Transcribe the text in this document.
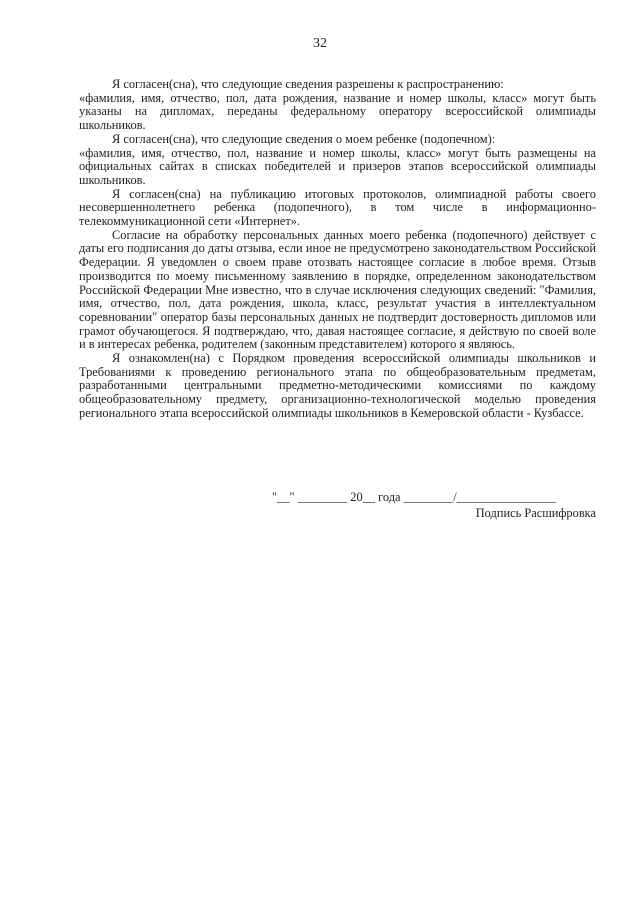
32

Я согласен(сна), что следующие сведения разрешены к распространению:

«фамилия, имя, отчество, пол, дата рождения, название и номер школы, класс» могут быть указаны на дипломах, переданы федеральному оператору всероссийской олимпиады школьников.

Я согласен(сна), что следующие сведения о моем ребенке (подопечном):

«фамилия, имя, отчество, пол, название и номер школы, класс» могут быть размещены на официальных сайтах в списках победителей и призеров этапов всероссийской олимпиады школьников.

Я согласен(сна) на публикацию итоговых протоколов, олимпиадной работы своего несовершеннолетнего ребенка (подопечного), в том числе в информационно-телекоммуникационной сети «Интернет».

Согласие на обработку персональных данных моего ребенка (подопечного) действует с даты его подписания до даты отзыва, если иное не предусмотрено законодательством Российской Федерации. Я уведомлен о своем праве отозвать настоящее согласие в любое время. Отзыв производится по моему письменному заявлению в порядке, определенном законодательством Российской Федерации Мне известно, что в случае исключения следующих сведений: "Фамилия, имя, отчество, пол, дата рождения, школа, класс, результат участия в интеллектуальном соревновании" оператор базы персональных данных не подтвердит достоверность дипломов или грамот обучающегося. Я подтверждаю, что, давая настоящее согласие, я действую по своей воле и в интересах ребенка, родителем (законным представителем) которого я являюсь.

Я ознакомлен(на) с Порядком проведения всероссийской олимпиады школьников и Требованиями к проведению регионального этапа по общеобразовательным предметам, разработанными центральными предметно-методическими комиссиями по каждому общеобразовательному предмету, организационно-технологической моделью проведения регионального этапа всероссийской олимпиады школьников в Кемеровской области - Кузбассе.

"__" ________ 20__ года ________/________________
Подпись Расшифровка
